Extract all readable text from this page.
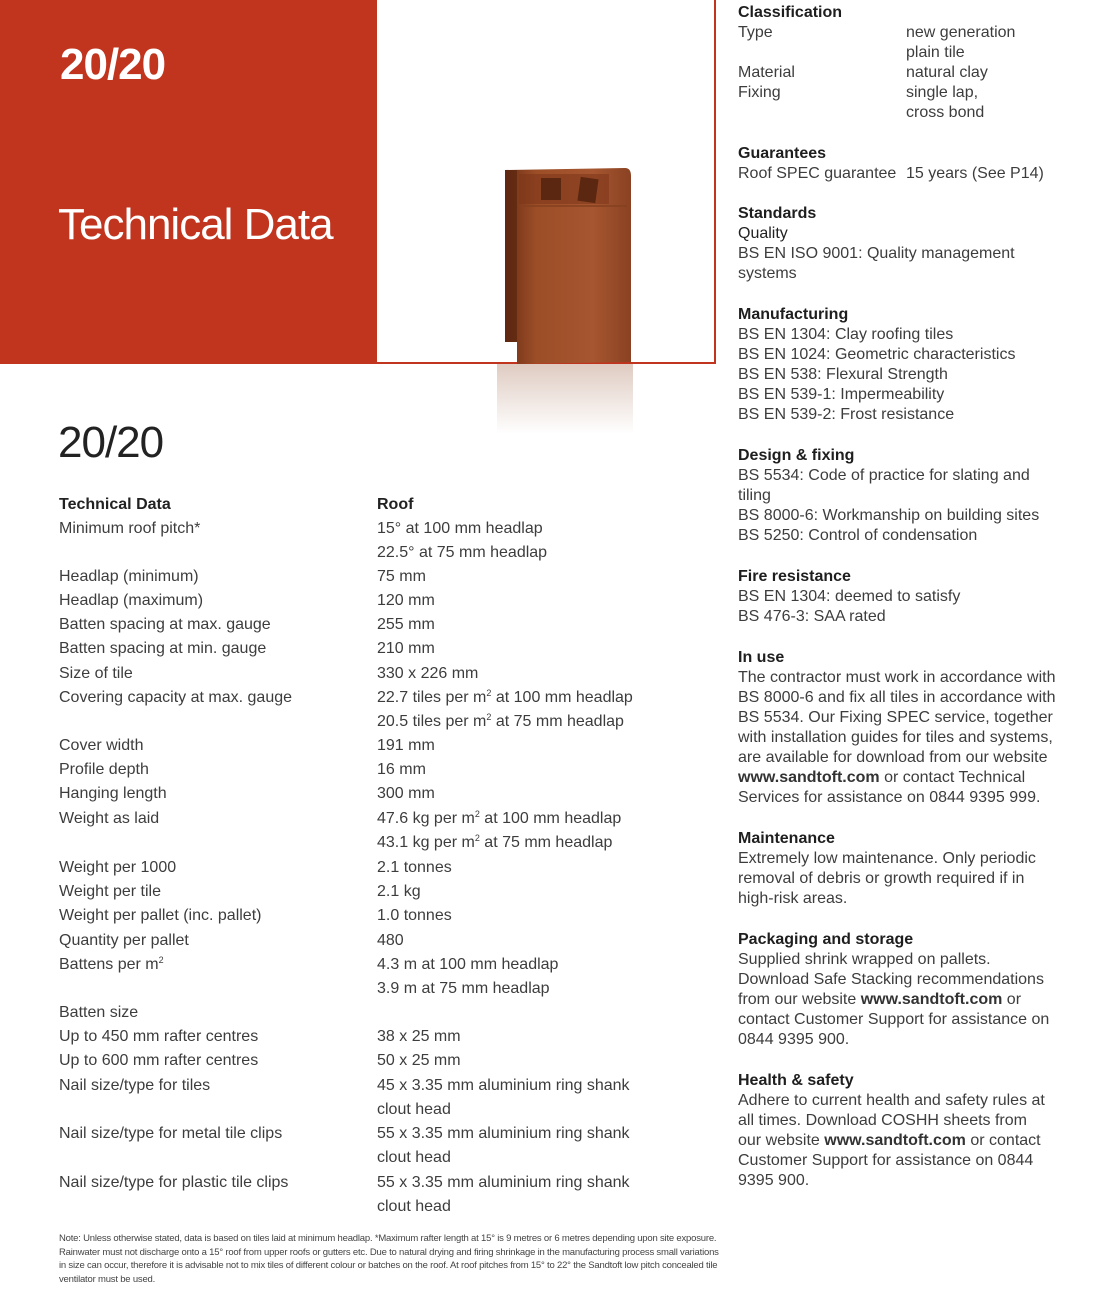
20/20
Technical Data
20/20
Technical Data	Roof
Minimum roof pitch*	15° at 100 mm headlap
22.5° at 75 mm headlap
Headlap (minimum)	75 mm
Headlap (maximum)	120 mm
Batten spacing at max. gauge	255 mm
Batten spacing at min. gauge	210 mm
Size of tile	330 x 226 mm
Covering capacity at max. gauge	22.7 tiles per $m^2$ at 100 mm headlap
20.5 tiles per $m^2$ at 75 mm headlap
Cover width	191 mm
Profile depth	16 mm
Hanging length	300 mm
Weight as laid	47.6 kg per $m^2$ at 100 mm headlap
43.1 kg per $m^2$ at 75 mm headlap
Weight per 1000	2.1 tonnes
Weight per tile	2.1 kg
Weight per pallet (inc. pallet)	1.0 tonnes
Quantity per pallet	480
Battens per $m^2$	4.3 m at 100 mm headlap
3.9 m at 75 mm headlap
Batten size
Up to 450 mm rafter centres	38 x 25 mm
Up to 600 mm rafter centres	50 x 25 mm
Nail size/type for tiles	45 x 3.35 mm aluminium ring shank
clout head
Nail size/type for metal tile clips	55 x 3.35 mm aluminium ring shank
clout head
Nail size/type for plastic tile clips	55 x 3.35 mm aluminium ring shank
clout head
Note: Unless otherwise stated, data is based on tiles laid at minimum headlap. *Maximum rafter length at 15° is 9 metres or 6 metres depending upon site exposure. Rainwater must not discharge onto a 15° roof from upper roofs or gutters etc. Due to natural drying and firing shrinkage in the manufacturing process small variations in size can occur, therefore it is advisable not to mix tiles of different colour or batches on the roof. At roof pitches from 15° to 22° the Sandtoft low pitch concealed tile ventilator must be used.
Classification
Type	new generation
plain tile
Material	natural clay
Fixing	single lap,
cross bond
Guarantees
Roof SPEC guarantee 15 years (See P14)
Standards
Quality
BS EN ISO 9001: Quality management
systems
Manufacturing
BS EN 1304: Clay roofing tiles
BS EN 1024: Geometric characteristics
BS EN 538: Flexural Strength
BS EN 539-1: Impermeability
BS EN 539-2: Frost resistance
Design & fixing
BS 5534: Code of practice for slating and
tiling
BS 8000-6: Workmanship on building sites
BS 5250: Control of condensation
Fire resistance
BS EN 1304: deemed to satisfy
BS 476-3: SAA rated
In use
The contractor must work in accordance with
BS 8000-6 and fix all tiles in accordance with
BS 5534. Our Fixing SPEC service, together
with installation guides for tiles and systems,
are available for download from our website
www.sandtoft.com or contact Technical
Services for assistance on 0844 9395 999.
Maintenance
Extremely low maintenance. Only periodic
removal of debris or growth required if in
high-risk areas.
Packaging and storage
Supplied shrink wrapped on pallets.
Download Safe Stacking recommendations
from our website www.sandtoft.com or
contact Customer Support for assistance on
0844 9395 900.
Health & safety
Adhere to current health and safety rules at
all times. Download COSHH sheets from
our website www.sandtoft.com or contact
Customer Support for assistance on 0844
9395 900.
